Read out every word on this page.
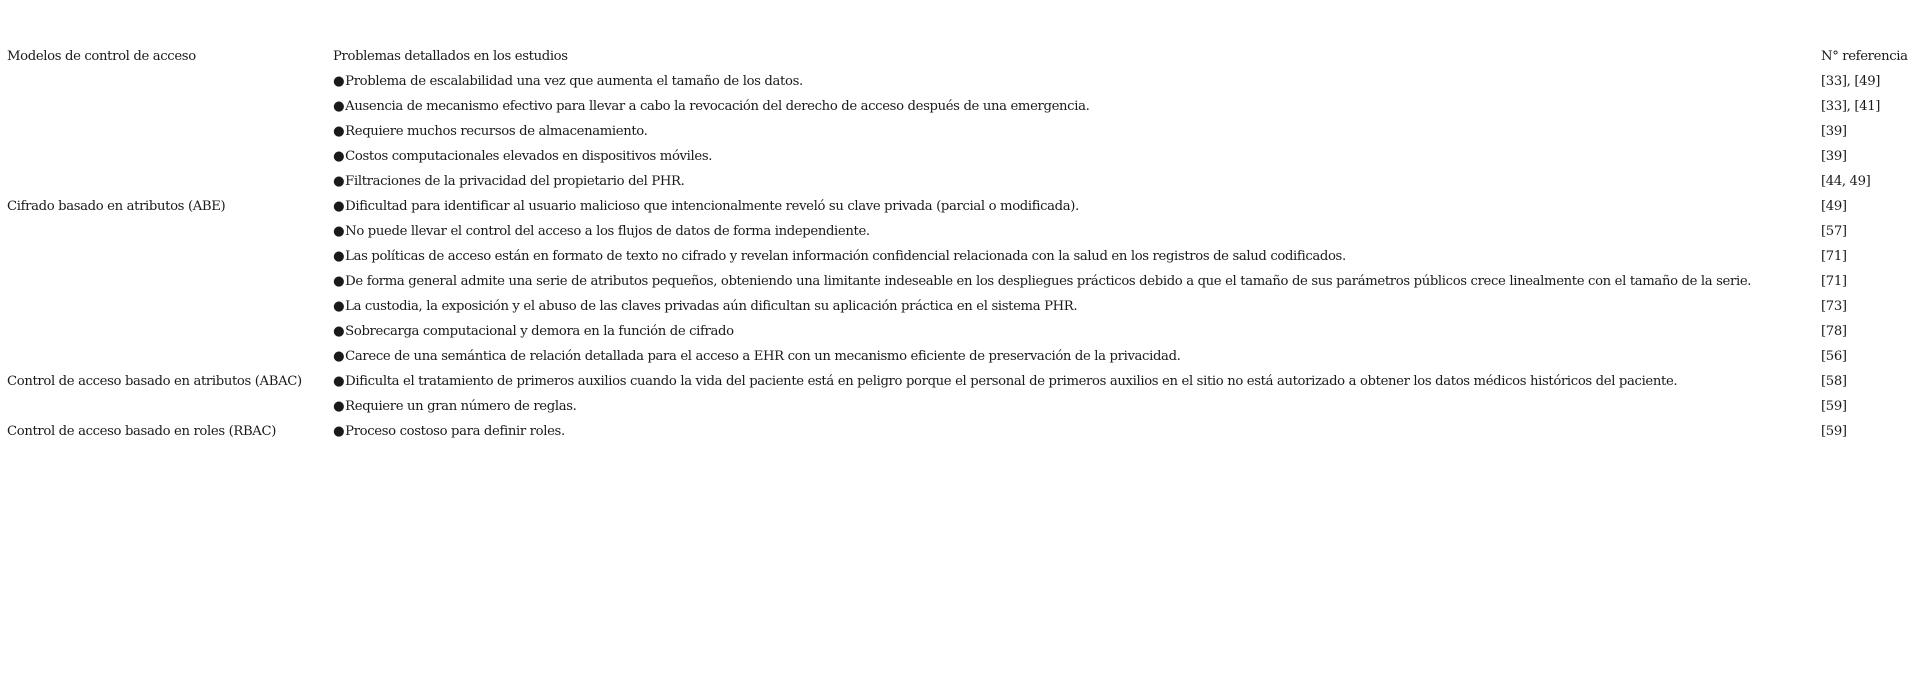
Modelos de control de acceso	Problemas detallados en los estudios	N° referencia
	●Problema de escalabilidad una vez que aumenta el tamaño de los datos.	[33], [49]
	●Ausencia de mecanismo efectivo para llevar a cabo la revocación del derecho de acceso después de una emergencia.	[33], [41]
	●Requiere muchos recursos de almacenamiento.	[39]
	●Costos computacionales elevados en dispositivos móviles.	[39]
	●Filtraciones de la privacidad del propietario del PHR.	[44, 49]
Cifrado basado en atributos (ABE)	●Dificultad para identificar al usuario malicioso que intencionalmente reveló su clave privada (parcial o modificada).	[49]
	●No puede llevar el control del acceso a los flujos de datos de forma independiente.	[57]
	●Las políticas de acceso están en formato de texto no cifrado y revelan información confidencial relacionada con la salud en los registros de salud codificados.	[71]
	●De forma general admite una serie de atributos pequeños, obteniendo una limitante indeseable en los despliegues prácticos debido a que el tamaño de sus parámetros públicos crece linealmente con el tamaño de la serie.	[71]
	●La custodia, la exposición y el abuso de las claves privadas aún dificultan su aplicación práctica en el sistema PHR.	[73]
	●Sobrecarga computacional y demora en la función de cifrado	[78]
	●Carece de una semántica de relación detallada para el acceso a EHR con un mecanismo eficiente de preservación de la privacidad.	[56]
Control de acceso basado en atributos (ABAC)	●Dificulta el tratamiento de primeros auxilios cuando la vida del paciente está en peligro porque el personal de primeros auxilios en el sitio no está autorizado a obtener los datos médicos históricos del paciente.	[58]
	●Requiere un gran número de reglas.	[59]
Control de acceso basado en roles (RBAC)	●Proceso costoso para definir roles.	[59]
